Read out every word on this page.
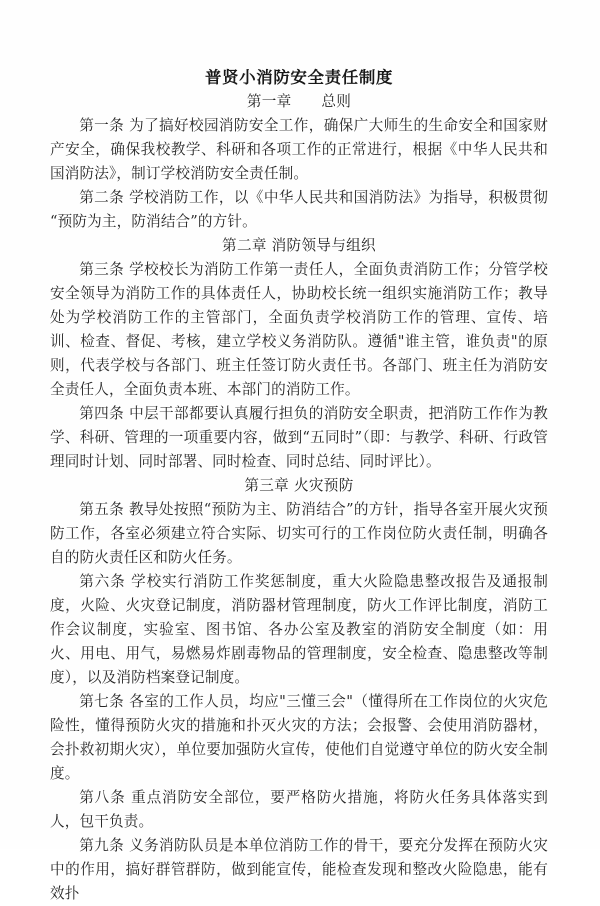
普贤小消防安全责任制度

第一章　　总则

第一条 为了搞好校园消防安全工作，确保广大师生的生命安全和国家财产安全，确保我校教学、科研和各项工作的正常进行，根据《中华人民共和国消防法》，制订学校消防安全责任制。

第二条 学校消防工作，以《中华人民共和国消防法》为指导，积极贯彻“预防为主，防消结合”的方针。

第二章 消防领导与组织

第三条 学校校长为消防工作第一责任人，全面负责消防工作；分管学校安全领导为消防工作的具体责任人，协助校长统一组织实施消防工作；教导处为学校消防工作的主管部门，全面负责学校消防工作的管理、宣传、培训、检查、督促、考核，建立学校义务消防队。遵循"谁主管，谁负责"的原则，代表学校与各部门、班主任签订防火责任书。各部门、班主任为消防安全责任人，全面负责本班、本部门的消防工作。

第四条 中层干部都要认真履行担负的消防安全职责，把消防工作作为教学、科研、管理的一项重要内容，做到“五同时”（即：与教学、科研、行政管理同时计划、同时部署、同时检查、同时总结、同时评比）。

第三章 火灾预防

第五条 教导处按照“预防为主、防消结合”的方针，指导各室开展火灾预防工作，各室必须建立符合实际、切实可行的工作岗位防火责任制，明确各自的防火责任区和防火任务。

第六条 学校实行消防工作奖惩制度，重大火险隐患整改报告及通报制度，火险、火灾登记制度，消防器材管理制度，防火工作评比制度，消防工作会议制度，实验室、图书馆、各办公室及教室的消防安全制度（如：用火、用电、用气，易燃易炸剧毒物品的管理制度，安全检查、隐患整改等制度），以及消防档案登记制度。

第七条 各室的工作人员，均应"三懂三会"（懂得所在工作岗位的火灾危险性，懂得预防火灾的措施和扑灭火灾的方法；会报警、会使用消防器材，会扑救初期火灾），单位要加强防火宣传，使他们自觉遵守单位的防火安全制度。

第八条 重点消防安全部位，要严格防火措施，将防火任务具体落实到人，包干负责。

第九条 义务消防队员是本单位消防工作的骨干，要充分发挥在预防火灾中的作用，搞好群管群防，做到能宣传，能检查发现和整改火险隐患，能有效扑
